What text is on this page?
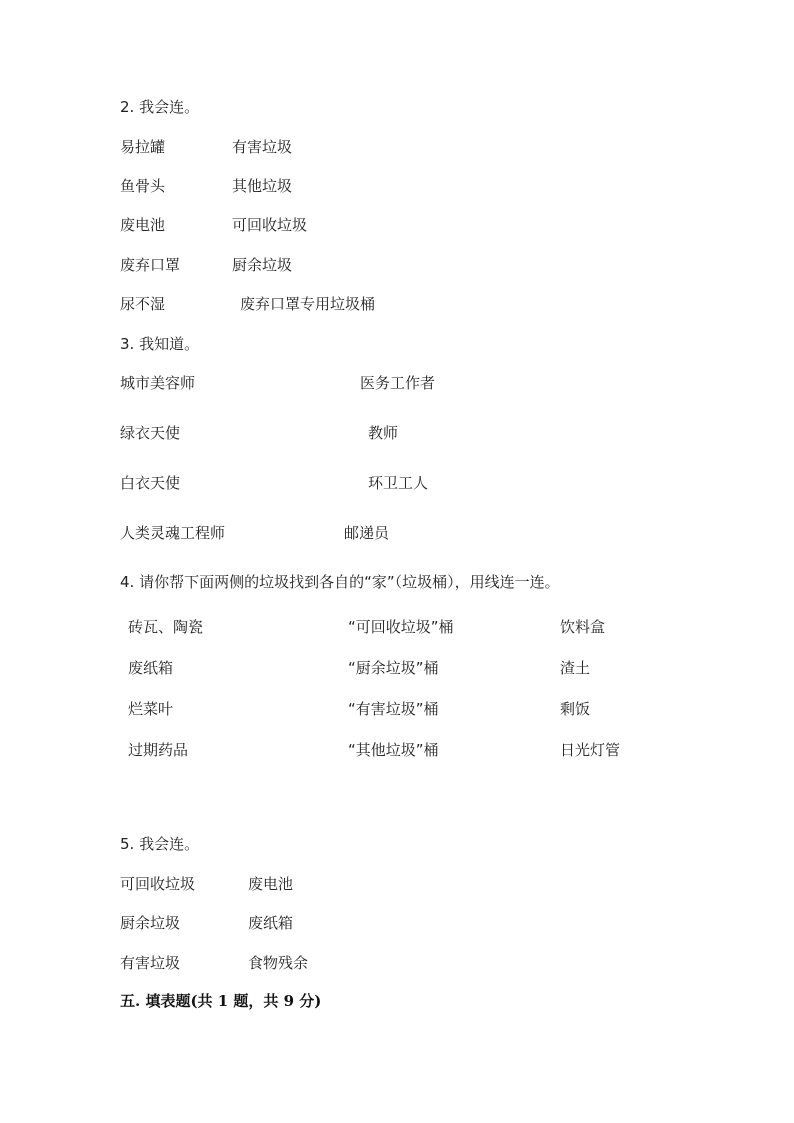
2. 我会连。
易拉罐	有害垃圾
鱼骨头	其他垃圾
废电池	可回收垃圾
废弃口罩	厨余垃圾
尿不湿	废弃口罩专用垃圾桶
3. 我知道。
城市美容师	医务工作者
绿衣天使	教师
白衣天使	环卫工人
人类灵魂工程师	邮递员
4. 请你帮下面两侧的垃圾找到各自的“家”（垃圾桶），用线连一连。
砖瓦、陶瓷	“可回收垃圾”桶	饮料盒
废纸箱	“厨余垃圾”桶	渣土
烂菜叶	“有害垃圾”桶	剩饭
过期药品	“其他垃圾”桶	日光灯管
5. 我会连。
可回收垃圾	废电池
厨余垃圾	废纸箱
有害垃圾	食物残余
五. 填表题(共 1 题，共 9 分)
